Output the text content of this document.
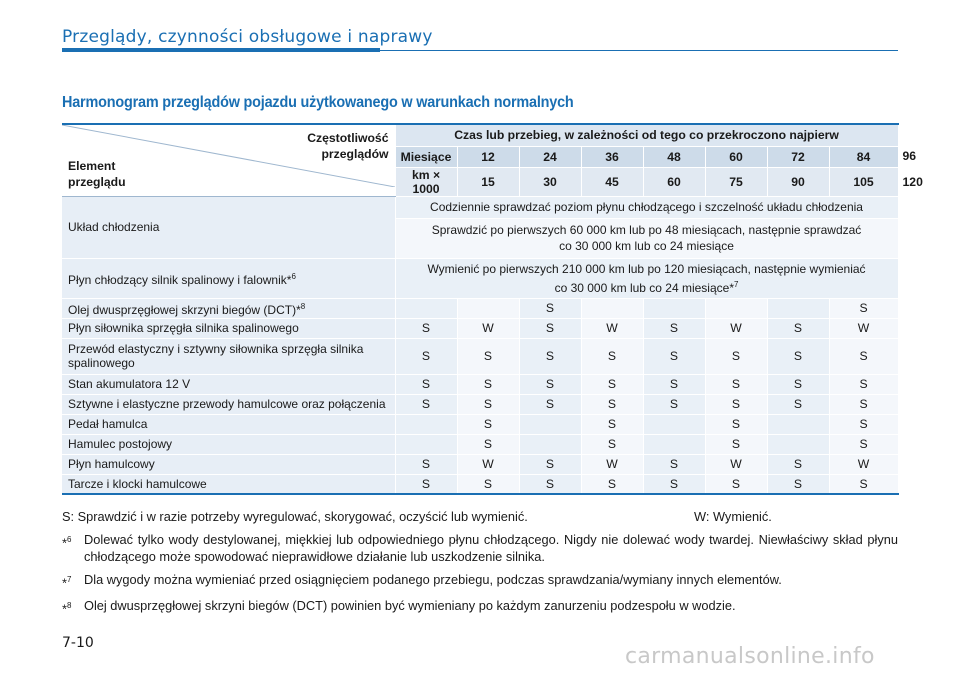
Przeglądy, czynności obsługowe i naprawy
Harmonogram przeglądów pojazdu użytkowanego w warunkach normalnych
Częstotliwość
przeglądów
Element
przeglądu	Czas lub przebieg, w zależności od tego co przekroczono najpierw								
	Miesiące	12	24	36	48	60	72	84	96
	km × 1000	15	30	45	60	75	90	105	120
Układ chłodzenia	Codziennie sprawdzać poziom płynu chłodzącego i szczelność układu chłodzenia								

	Sprawdzić po pierwszych 60 000 km lub po 48 miesiącach, następnie sprawdzać
co 30 000 km lub co 24 miesiące								

Płyn chłodzący silnik spalinowy i falownik*$^6$	Wymienić po pierwszych 210 000 km lub po 120 miesiącach, następnie wymieniać
co 30 000 km lub co 24 miesiące*$^7$

Olej dwusprzęgłowej skrzyni biegów (DCT)*$^8$			S					S	
Płyn siłownika sprzęgła silnika spalinowego	S	W	S	W	S	W	S	W	
Przewód elastyczny i sztywny siłownika sprzęgła silnika spalinowego	S	S	S	S	S	S	S	S	
Stan akumulatora 12 V	S	S	S	S	S	S	S	S	
Sztywne i elastyczne przewody hamulcowe oraz połączenia	S	S	S	S	S	S	S	S	
Pedał hamulca		S		S		S		S	
Hamulec postojowy		S		S		S		S	
Płyn hamulcowy	S	W	S	W	S	W	S	W	
Tarcze i klocki hamulcowe	S	S	S	S	S	S	S	S	
S: Sprawdzić i w razie potrzeby wyregulować, skorygować, oczyścić lub wymienić.	W: Wymienić.
*$^6$ Dolewać tylko wody destylowanej, miękkiej lub odpowiedniego płynu chłodzącego. Nigdy nie dolewać wody twardej. Niewłaściwy skład płynu chłodzącego może spowodować nieprawidłowe działanie lub uszkodzenie silnika.
*$^7$ Dla wygody można wymieniać przed osiągnięciem podanego przebiegu, podczas sprawdzania/wymiany innych elementów.
*$^8$ Olej dwusprzęgłowej skrzyni biegów (DCT) powinien być wymieniany po każdym zanurzeniu podzespołu w wodzie.
7-10
carmanualsonline.info
